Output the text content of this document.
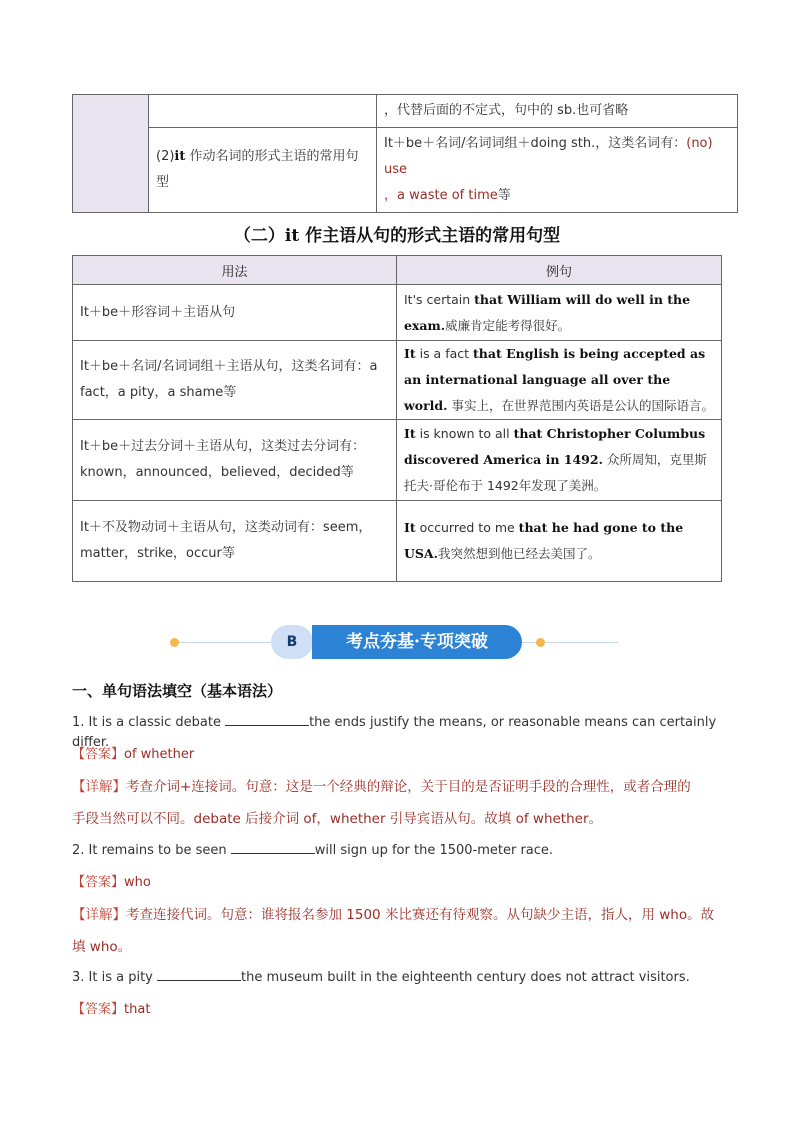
		，代替后面的不定式，句中的 sb.也可省略
	(2)it 作动名词的形式主语的常用句型	It＋be＋名词/名词词组＋doing sth.，这类名词有：(no) use
，a waste of time等
（二）it 作主语从句的形式主语的常用句型
用法	例句
It＋be＋形容词＋主语从句	It's certain that William will do well in the exam.威廉肯定能考得很好。
It＋be＋名词/名词词组＋主语从句，这类名词有：a fact，a pity，a shame等	It is a fact that English is being accepted as an international language all over the world. 事实上，在世界范围内英语是公认的国际语言。
It＋be＋过去分词＋主语从句，这类过去分词有：known，announced，believed，decided等	It is known to all that Christopher Columbus discovered America in 1492. 众所周知，克里斯托夫·哥伦布于 1492年发现了美洲。
It＋不及物动词＋主语从句，这类动词有：seem，matter，strike，occur等	It occurred to me that he had gone to the USA.我突然想到他已经去美国了。
B	考点夯基·专项突破
一、单句语法填空（基本语法）
1. It is a classic debate	the ends justify the means, or reasonable means can certainly differ.
【答案】of whether
【详解】考查介词+连接词。句意：这是一个经典的辩论，关于目的是否证明手段的合理性，或者合理的
手段当然可以不同。debate 后接介词 of，whether 引导宾语从句。故填 of whether。
2. It remains to be seen	will sign up for the 1500-meter race.
【答案】who
【详解】考查连接代词。句意：谁将报名参加 1500 米比赛还有待观察。从句缺少主语，指人，用 who。故
填 who。
3. It is a pity	the museum built in the eighteenth century does not attract visitors.
【答案】that
